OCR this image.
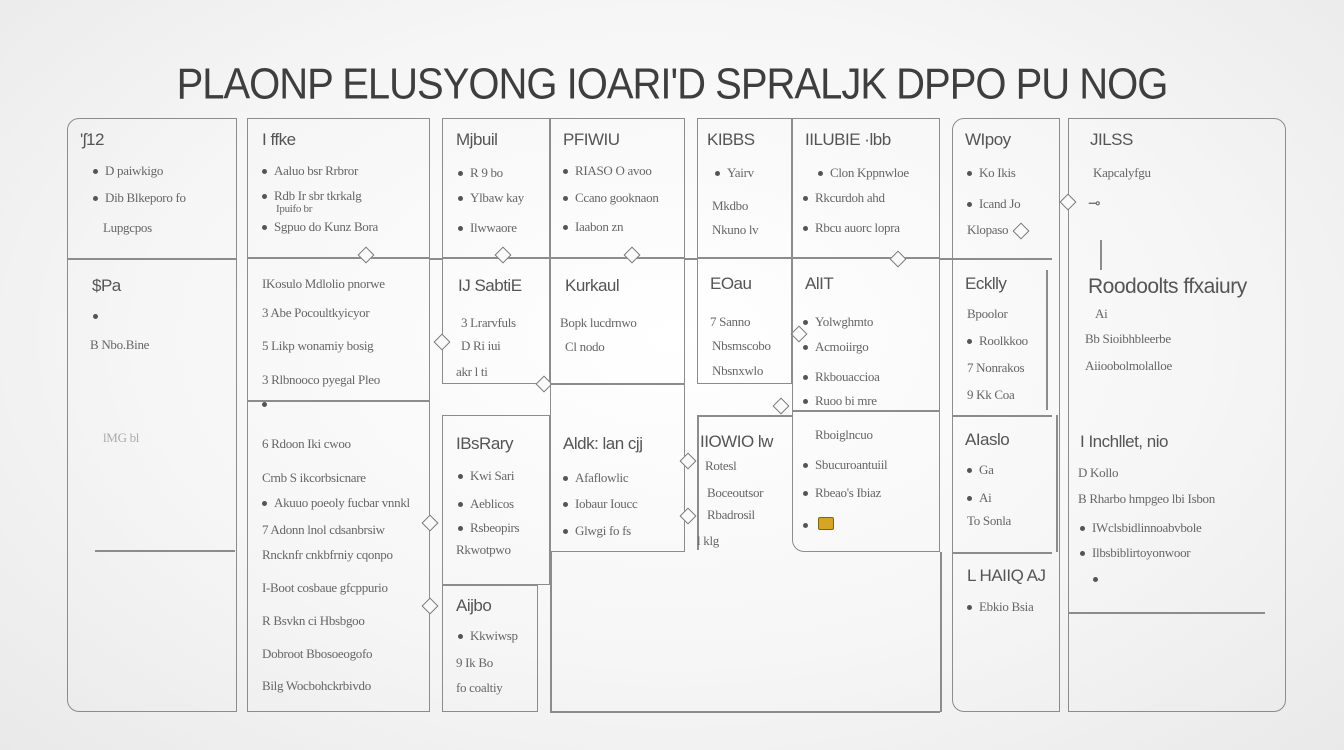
PLAONP ELUSYONG IOARI'D SPRALJK DPPO PU NOG
'ʃ12
D paiwkigo
Dib Blkeporo fo
Lupgcpos
$Pa
B Nbo.Bine
lMG bl
I ffke
Aaluo bsr Rrbror
Rdb Ir sbr tkrkalg
Ipuifo br
Sgpuo do Kunz Bora
IKosulo Mdlolio pnorwe
3 Abe Pocoultkyicyor
5 Likp wonamiy bosig
3 Rlbnooco pyegal Pleo
6 Rdoon Iki cwoo
Crnb S ikcorbsicnare
Akuuo poeoly fucbar vnnkl
7 Adonn lnol cdsanbrsiw
Rncknfr cnkbfrniy cqonpo
I-Boot cosbaue gfcppurio
R Bsvkn ci Hbsbgoo
Dobroot Bbosoeogofo
Bilg Wocbohckrbivdo
Mjbuil
R 9 bo
Ylbaw kay
Ilwwaore
IJ SabtiE
3 Lrarvfuls
D Ri iui
akr l ti
IBsRary
Kwi Sari
Aeblicos
Rsbeopirs
Rkwotpwo
Aijbo
Kkwiwsp
9 Ik Bo
fo coaltiy
PFIWIU
RIASO O avoo
Ccano gooknaon
Iaabon zn
Kurkaul
Bopk lucdrnwo
Cl nodo
Aldk: lan cjj
Afaflowlic
Iobaur Ioucc
Glwgi fo fs
KIBBS
Yairv
Mkdbo
Nkuno lv
EOau
7 Sanno
Nbsmscobo
Nbsnxwlo
IIOWIO lw
Rotesl
Boceoutsor
Rbadrosil
l klg
IILUBIE ·lbb
Clon Kppnwloe
Rkcurdoh ahd
Rbcu auorc lopra
AlIT
Yolwghmto
Acmoiirgo
Rkbouaccioa
Ruoo bi mre
Rboiglncuo
Sbucuroantuiil
Rbeao's Ibiaz
WIpoy
Ko Ikis
Icand Jo
Klopaso
Ecklly
Bpoolor
Roolkkoo
7 Nonrakos
9 Kk Coa
AIaslo
Ga
Ai
To Sonla
L HAIIQ AJ
Ebkio Bsia
JILSS
Kapcalyfgu
⊸
Roodoolts ffxaiury
Ai
Bb Sioibhbleerbe
Aiioobolmolalloe
I Inchllet, nio
D Kollo
B Rharbo hmpgeo lbi Isbon
IWclsbidlinnoabvbole
Ilbsbiblirtoyonwoor
